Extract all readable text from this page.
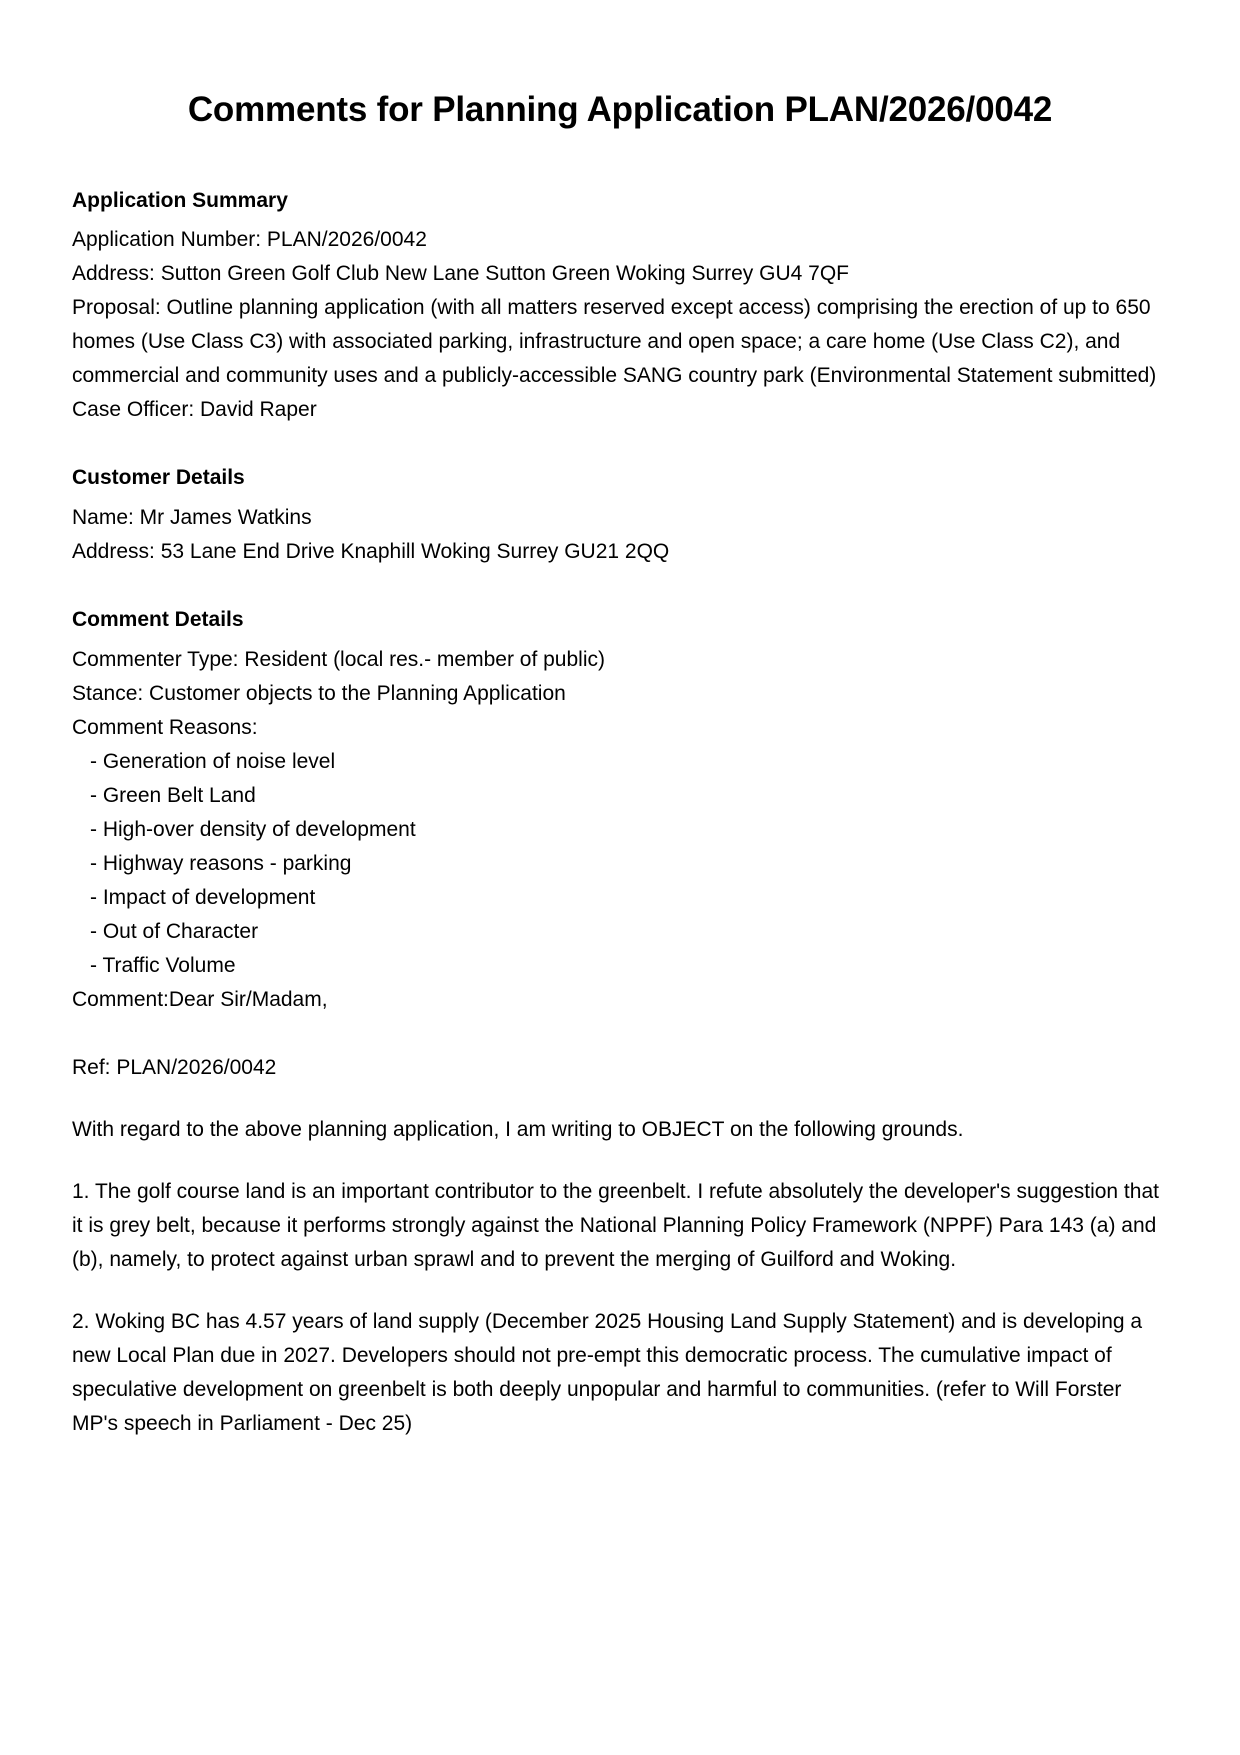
Comments for Planning Application PLAN/2026/0042
Application Summary

Application Number: PLAN/2026/0042

Address: Sutton Green Golf Club New Lane Sutton Green Woking Surrey GU4 7QF

Proposal: Outline planning application (with all matters reserved except access) comprising the erection of up to 650 homes (Use Class C3) with associated parking, infrastructure and open space; a care home (Use Class C2), and commercial and community uses and a publicly-accessible SANG country park (Environmental Statement submitted)

Case Officer: David Raper

Customer Details

Name: Mr James Watkins

Address: 53 Lane End Drive Knaphill Woking Surrey GU21 2QQ

Comment Details

Commenter Type: Resident (local res.- member of public)

Stance: Customer objects to the Planning Application

Comment Reasons:

- Generation of noise level
- Green Belt Land
- High-over density of development
- Highway reasons - parking
- Impact of development
- Out of Character
- Traffic Volume

Comment:Dear Sir/Madam,

Ref: PLAN/2026/0042

With regard to the above planning application, I am writing to OBJECT on the following grounds.

1. The golf course land is an important contributor to the greenbelt. I refute absolutely the developer's suggestion that it is grey belt, because it performs strongly against the National Planning Policy Framework (NPPF) Para 143 (a) and (b), namely, to protect against urban sprawl and to prevent the merging of Guilford and Woking.

2. Woking BC has 4.57 years of land supply (December 2025 Housing Land Supply Statement) and is developing a new Local Plan due in 2027. Developers should not pre-empt this democratic process. The cumulative impact of speculative development on greenbelt is both deeply unpopular and harmful to communities. (refer to Will Forster MP's speech in Parliament - Dec 25)
